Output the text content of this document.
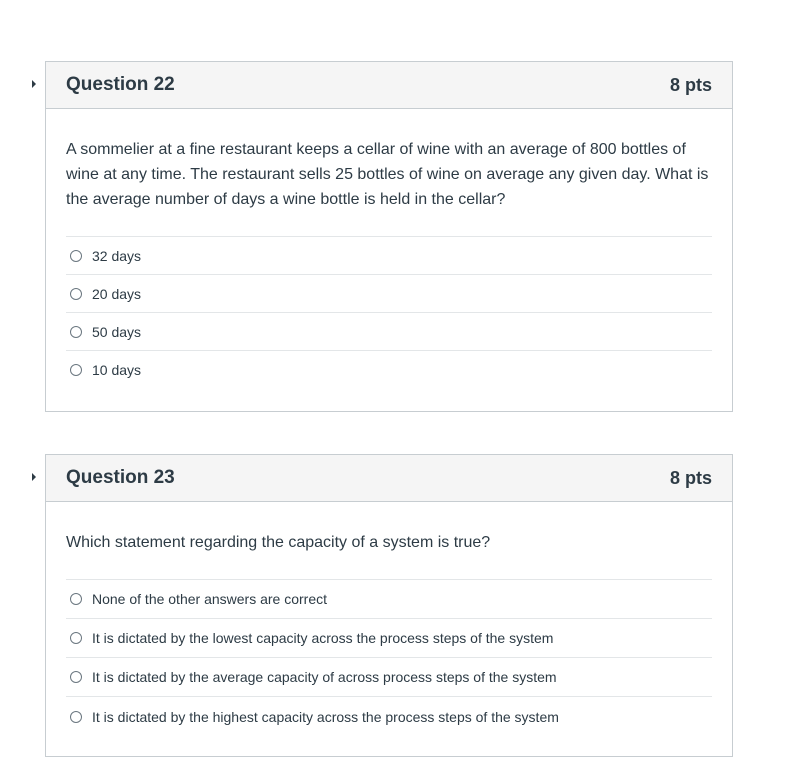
Question 22	8 pts

A sommelier at a fine restaurant keeps a cellar of wine with an average of 800 bottles of wine at any time. The restaurant sells 25 bottles of wine on average any given day. What is the average number of days a wine bottle is held in the cellar?

32 days
20 days
50 days
10 days
Question 23	8 pts

Which statement regarding the capacity of a system is true?

None of the other answers are correct
It is dictated by the lowest capacity across the process steps of the system
It is dictated by the average capacity of across process steps of the system
It is dictated by the highest capacity across the process steps of the system
